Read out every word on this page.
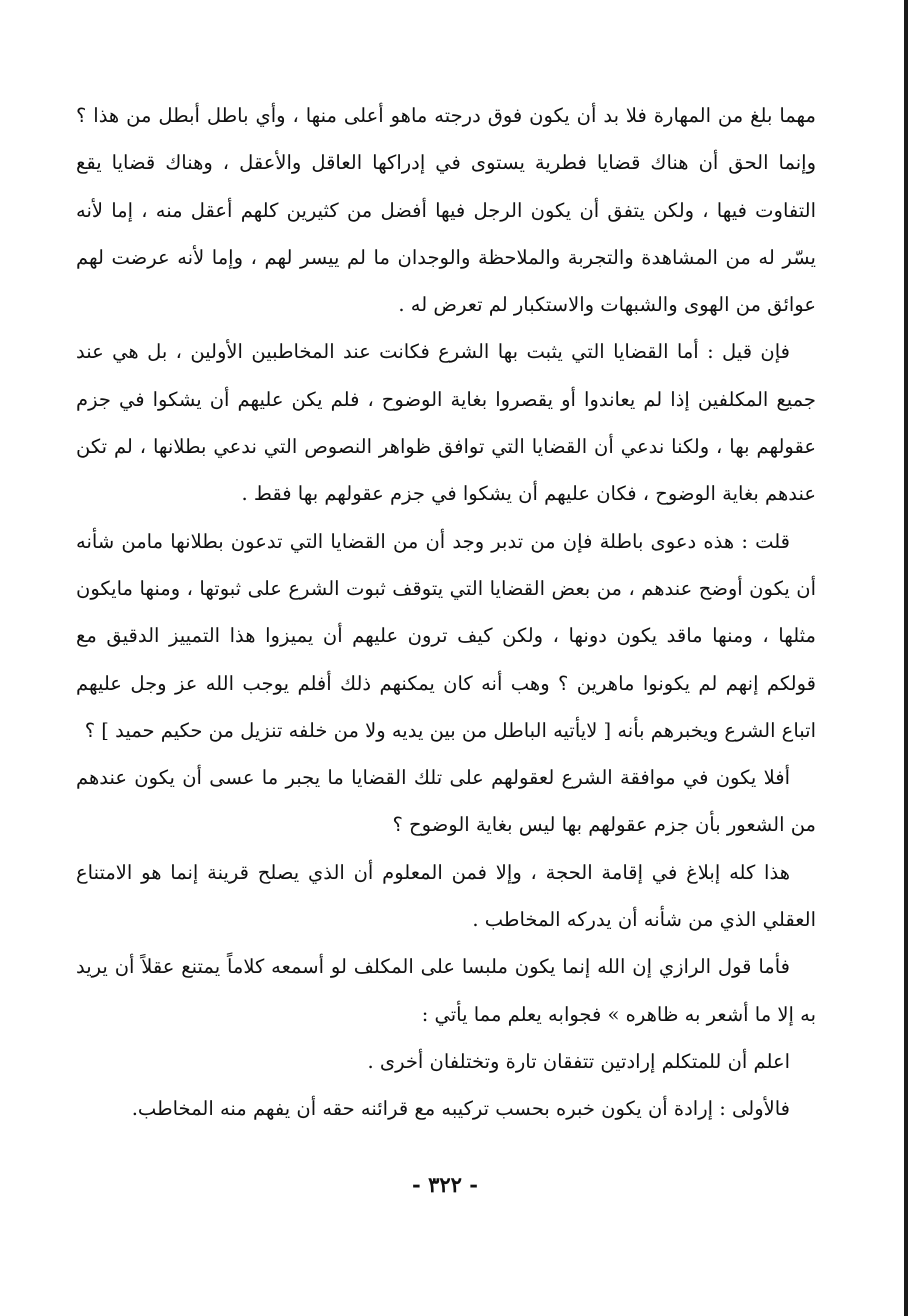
مهما بلغ من المهارة فلا بد أن يكون فوق درجته ماهو أعلى منها ، وأي باطل أبطل من هذا ؟ وإنما الحق أن هناك قضايا فطرية يستوى في إدراكها العاقل والأعقل ، وهناك قضايا يقع التفاوت فيها ، ولكن يتفق أن يكون الرجل فيها أفضل من كثيرين كلهم أعقل منه ، إما لأنه يسّر له من المشاهدة والتجربة والملاحظة والوجدان ما لم ييسر لهم ، وإما لأنه عرضت لهم عوائق من الهوى والشبهات والاستكبار لم تعرض له .

فإن قيل : أما القضايا التي يثبت بها الشرع فكانت عند المخاطبين الأولين ، بل هي عند جميع المكلفين إذا لم يعاندوا أو يقصروا بغاية الوضوح ، فلم يكن عليهم أن يشكوا في جزم عقولهم بها ، ولكنا ندعي أن القضايا التي توافق ظواهر النصوص التي ندعي بطلانها ، لم تكن عندهم بغاية الوضوح ، فكان عليهم أن يشكوا في جزم عقولهم بها فقط .

قلت : هذه دعوى باطلة فإن من تدبر وجد أن من القضايا التي تدعون بطلانها مامن شأنه أن يكون أوضح عندهم ، من بعض القضايا التي يتوقف ثبوت الشرع على ثبوتها ، ومنها مايكون مثلها ، ومنها ماقد يكون دونها ، ولكن كيف ترون عليهم أن يميزوا هذا التمييز الدقيق مع قولكم إنهم لم يكونوا ماهرين ؟ وهب أنه كان يمكنهم ذلك أفلم يوجب الله عز وجل عليهم اتباع الشرع ويخبرهم بأنه [ لايأتيه الباطل من بين يديه ولا من خلفه تنزيل من حكيم حميد ] ؟

أفلا يكون في موافقة الشرع لعقولهم على تلك القضايا ما يجبر ما عسى أن يكون عندهم من الشعور بأن جزم عقولهم بها ليس بغاية الوضوح ؟

هذا كله إبلاغ في إقامة الحجة ، وإلا فمن المعلوم أن الذي يصلح قرينة إنما هو الامتناع العقلي الذي من شأنه أن يدركه المخاطب .

فأما قول الرازي إن الله إنما يكون ملبسا على المكلف لو أسمعه كلاماً يمتنع عقلاً أن يريد به إلا ما أشعر به ظاهره » فجوابه يعلم مما يأتي :

اعلم أن للمتكلم إرادتين تتفقان تارة وتختلفان أخرى .

فالأولى : إرادة أن يكون خبره بحسب تركيبه مع قرائنه حقه أن يفهم منه المخاطب.

- ٣٢٢ -
